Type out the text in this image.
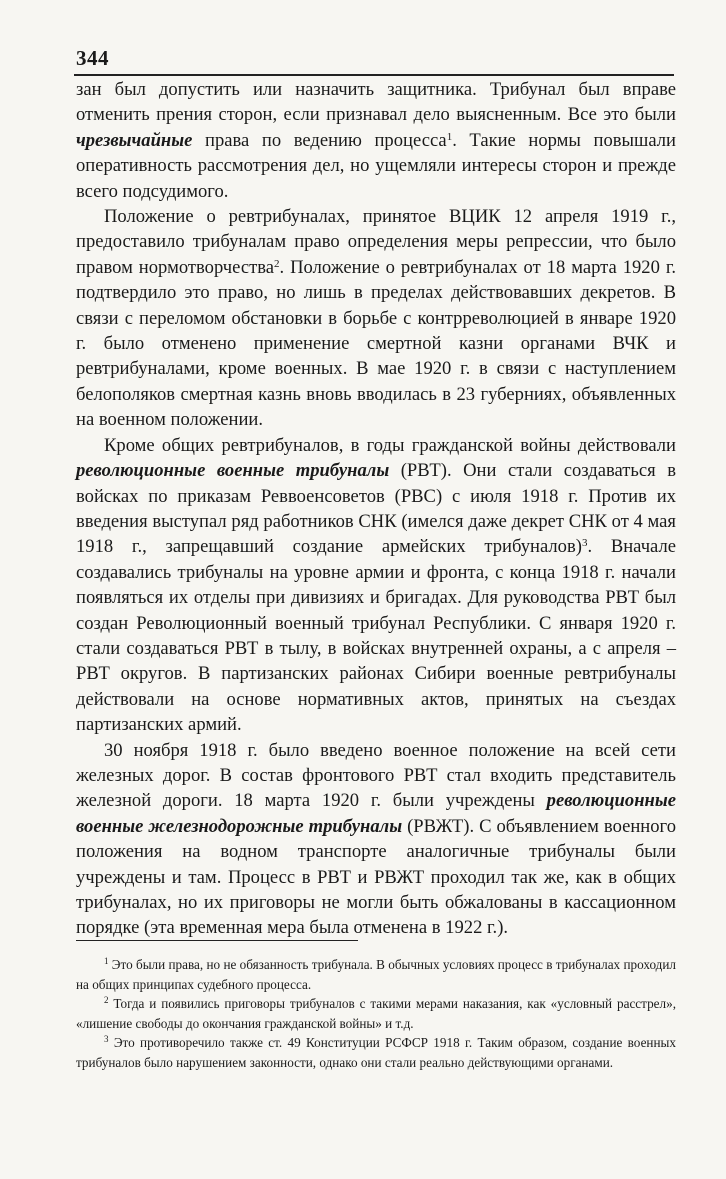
344

зан был допустить или назначить защитника. Трибунал был вправе отменить прения сторон, если признавал дело выясненным. Все это были чрезвычайные права по ведению процесса$^1$. Такие нормы повышали оперативность рассмотрения дел, но ущемляли интересы сторон и прежде всего подсудимого.

Положение о ревтрибуналах, принятое ВЦИК 12 апреля 1919 г., предоставило трибуналам право определения меры репрессии, что было правом нормотворчества$^2$. Положение о ревтрибуналах от 18 марта 1920 г. подтвердило это право, но лишь в пределах действовавших декретов. В связи с переломом обстановки в борьбе с контрреволюцией в январе 1920 г. было отменено применение смертной казни органами ВЧК и ревтрибуналами, кроме военных. В мае 1920 г. в связи с наступлением белополяков смертная казнь вновь вводилась в 23 губерниях, объявленных на военном положении.

Кроме общих ревтрибуналов, в годы гражданской войны действовали революционные военные трибуналы (РВТ). Они стали создаваться в войсках по приказам Реввоенсоветов (РВС) с июля 1918 г. Против их введения выступал ряд работников СНК (имелся даже декрет СНК от 4 мая 1918 г., запрещавший создание армейских трибуналов)$^3$. Вначале создавались трибуналы на уровне армии и фронта, с конца 1918 г. начали появляться их отделы при дивизиях и бригадах. Для руководства РВТ был создан Революционный военный трибунал Республики. С января 1920 г. стали создаваться РВТ в тылу, в войсках внутренней охраны, а с апреля – РВТ округов. В партизанских районах Сибири военные ревтрибуналы действовали на основе нормативных актов, принятых на съездах партизанских армий.

30 ноября 1918 г. было введено военное положение на всей сети железных дорог. В состав фронтового РВТ стал входить представитель железной дороги. 18 марта 1920 г. были учреждены революционные военные железнодорожные трибуналы (РВЖТ). С объявлением военного положения на водном транспорте аналогичные трибуналы были учреждены и там. Процесс в РВТ и РВЖТ проходил так же, как в общих трибуналах, но их приговоры не могли быть обжалованы в кассационном порядке (эта временная мера была отменена в 1922 г.).

$^1$ Это были права, но не обязанность трибунала. В обычных условиях процесс в трибуналах проходил на общих принципах судебного процесса.

$^2$ Тогда и появились приговоры трибуналов с такими мерами наказания, как «условный расстрел», «лишение свободы до окончания гражданской войны» и т.д.

$^3$ Это противоречило также ст. 49 Конституции РСФСР 1918 г. Таким образом, создание военных трибуналов было нарушением законности, однако они стали реально действующими органами.
